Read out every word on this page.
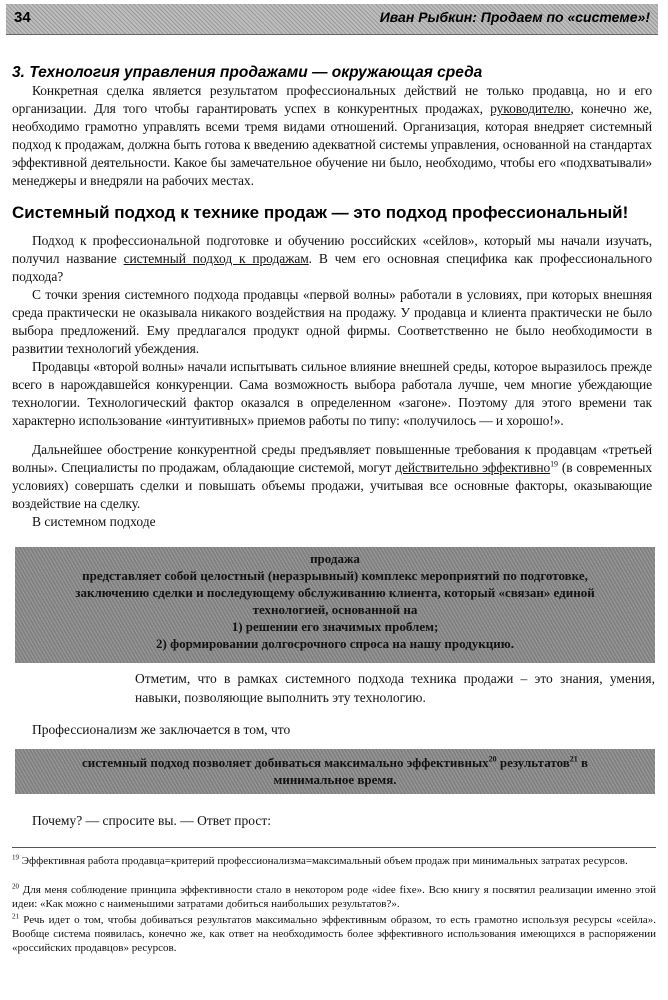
34	Иван Рыбкин: Продаем по «системе»!
3. Технология управления продажами — окружающая среда

Конкретная сделка является результатом профессиональных действий не только продавца, но и его организации. Для того чтобы гарантировать успех в конкурентных продажах, руководителю, конечно же, необходимо грамотно управлять всеми тремя видами отношений. Организация, которая внедряет системный подход к продажам, должна быть готова к введению адекватной системы управления, основанной на стандартах эффективной деятельности. Какое бы замечательное обучение ни было, необходимо, чтобы его «подхватывали» менеджеры и внедряли на рабочих местах.

Системный подход к технике продаж — это подход профессиональный!

Подход к профессиональной подготовке и обучению российских «сейлов», который мы начали изучать, получил название системный подход к продажам. В чем его основная специфика как профессионального подхода?

С точки зрения системного подхода продавцы «первой волны» работали в условиях, при которых внешняя среда практически не оказывала никакого воздействия на продажу. У продавца и клиента практически не было выбора предложений. Ему предлагался продукт одной фирмы. Соответственно не было необходимости в развитии технологий убеждения.

Продавцы «второй волны» начали испытывать сильное влияние внешней среды, которое выразилось прежде всего в нарождавшейся конкуренции. Сама возможность выбора работала лучше, чем многие убеждающие технологии. Технологический фактор оказался в определенном «загоне». Поэтому для этого времени так характерно использование «интуитивных» приемов работы по типу: «получилось — и хорошо!».

Дальнейшее обострение конкурентной среды предъявляет повышенные требования к продавцам «третьей волны». Специалисты по продажам, обладающие системой, могут действительно эффективно$^{19}$ (в современных условиях) совершать сделки и повышать объемы продажи, учитывая все основные факторы, оказывающие воздействие на сделку.

В системном подходе

продажа
представляет собой целостный (неразрывный) комплекс мероприятий по подготовке,
заключению сделки и последующему обслуживанию клиента, который «связан» единой
технологией, основанной на
1) решении его значимых проблем;
2) формировании долгосрочного спроса на нашу продукцию.

Отметим, что в рамках системного подхода техника продажи – это знания, умения, навыки, позволяющие выполнить эту технологию.

Профессионализм же заключается в том, что

системный подход позволяет добиваться максимально эффективных$^{20}$ результатов$^{21}$ в
минимальное время.

Почему? — спросите вы. — Ответ прост:

$^{19}$ Эффективная работа продавца=критерий профессионализма=максимальный объем продаж при минимальных затратах ресурсов.

$^{20}$ Для меня соблюдение принципа эффективности стало в некотором роде «idee fixe». Всю книгу я посвятил реализации именно этой идеи: «Как можно с наименьшими затратами добиться наибольших результатов?».

$^{21}$ Речь идет о том, чтобы добиваться результатов максимально эффективным образом, то есть грамотно используя ресурсы «сейла». Вообще система появилась, конечно же, как ответ на необходимость более эффективного использования имеющихся в распоряжении «российских продавцов» ресурсов.
